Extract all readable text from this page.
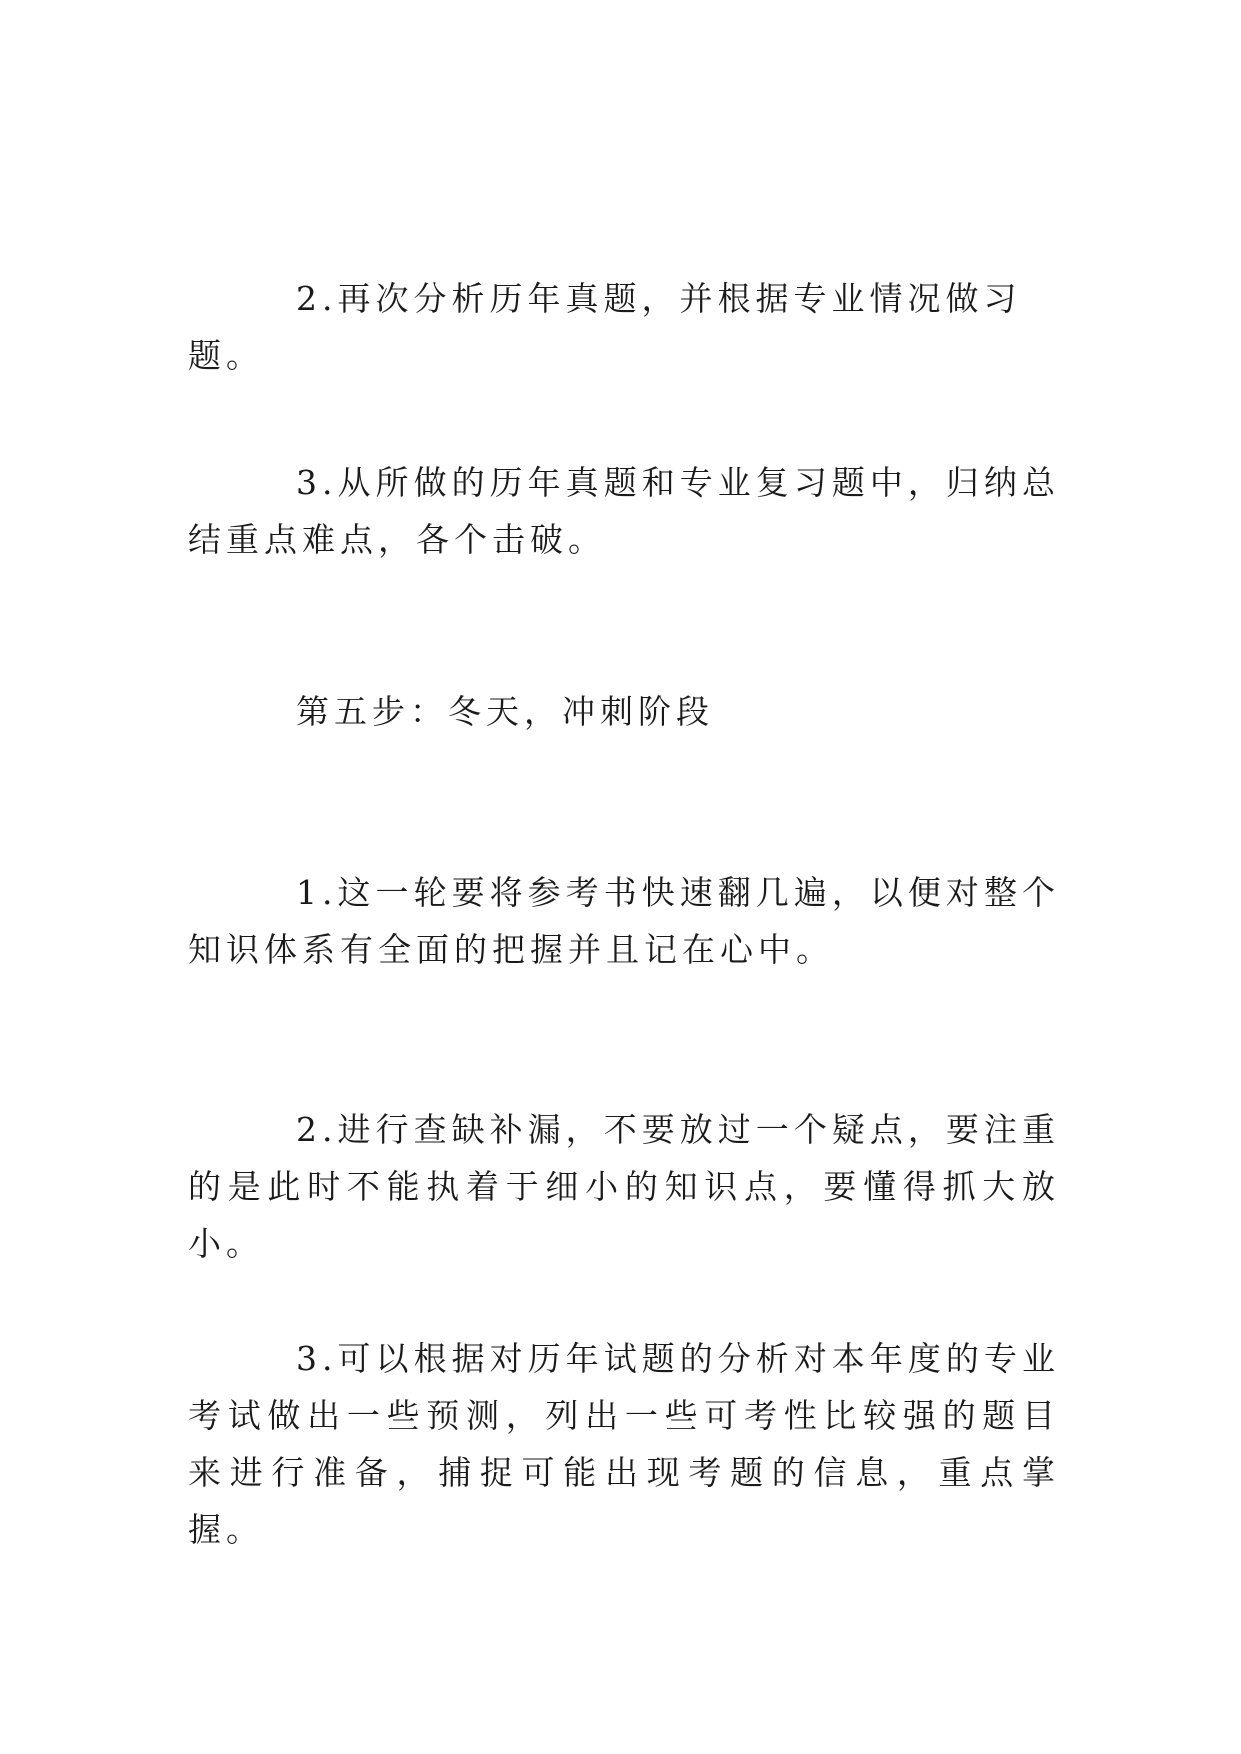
2.再次分析历年真题，并根据专业情况做习题。

3.从所做的历年真题和专业复习题中，归纳总结重点难点，各个击破。

第五步：冬天，冲刺阶段

1.这一轮要将参考书快速翻几遍，以便对整个知识体系有全面的把握并且记在心中。

2.进行查缺补漏，不要放过一个疑点，要注重的是此时不能执着于细小的知识点，要懂得抓大放小。

3.可以根据对历年试题的分析对本年度的专业考试做出一些预测，列出一些可考性比较强的题目来进行准备，捕捉可能出现考题的信息，重点掌握。
